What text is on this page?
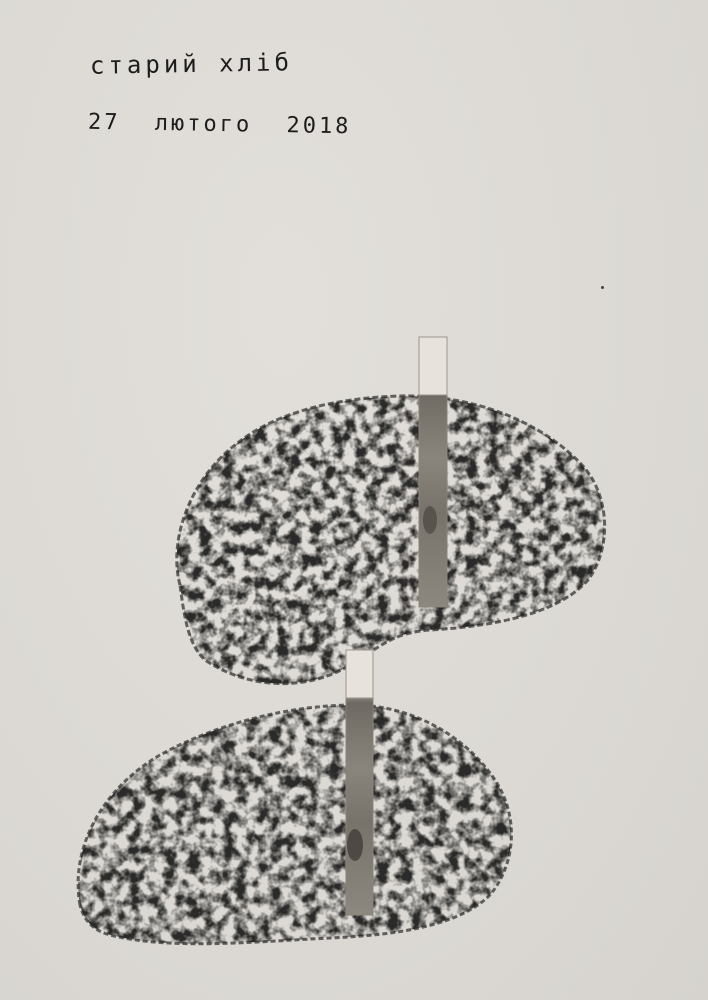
старий хліб
27 лютого 2018
